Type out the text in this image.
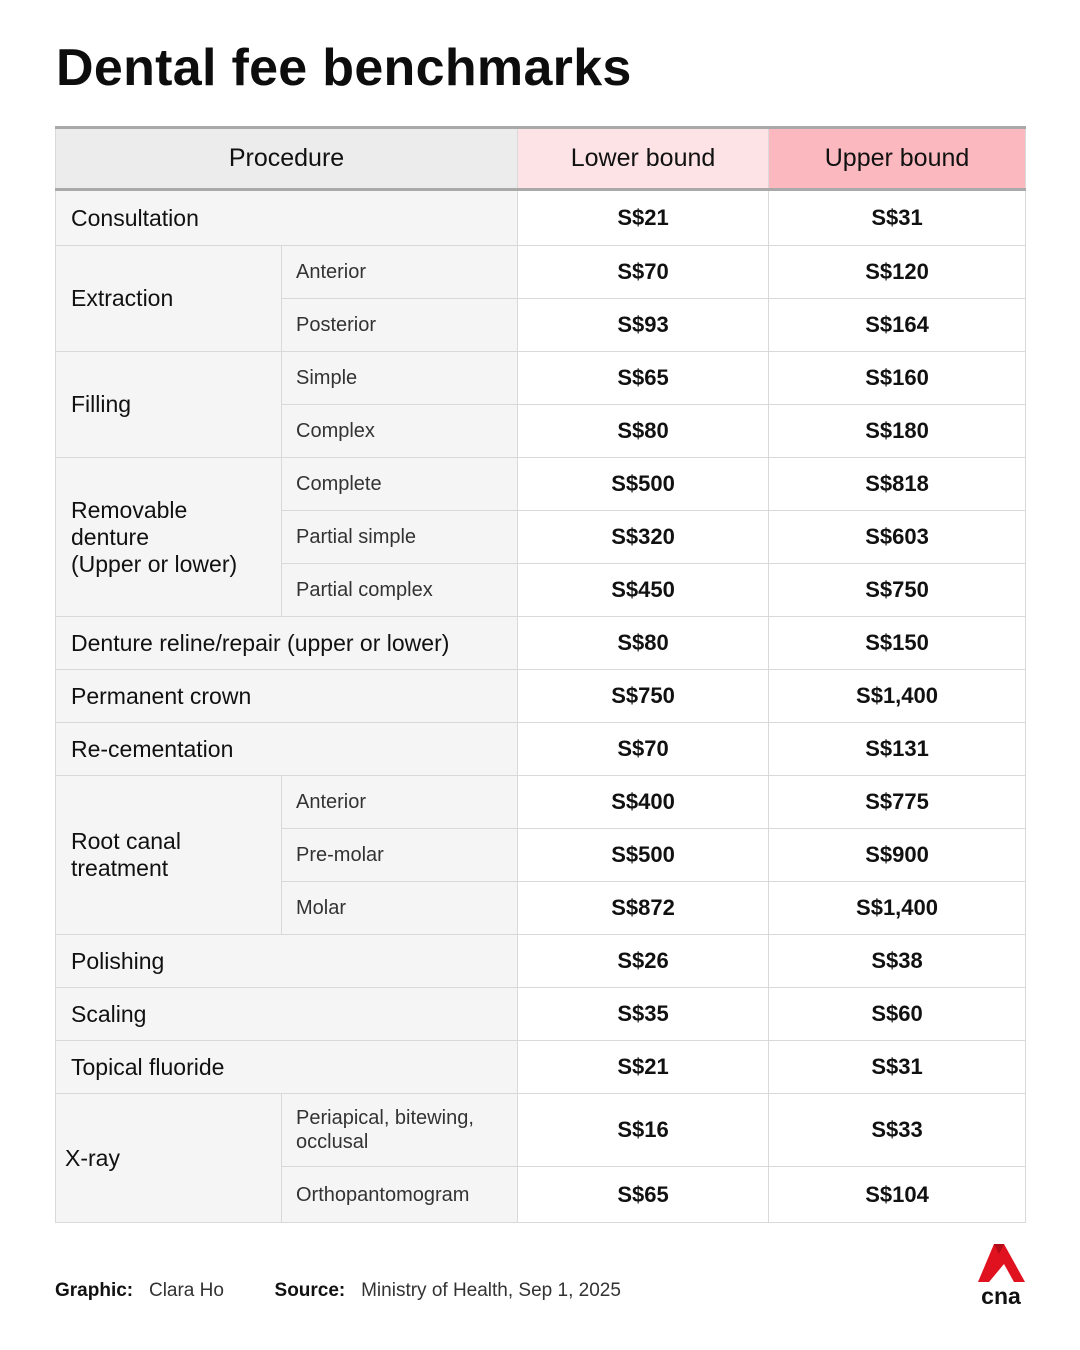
Dental fee benchmarks
Procedure		Lower bound	Upper bound
Consultation		S$21	S$31
Extraction	Anterior	S$70	S$120
	Posterior	S$93	S$164
Filling	Simple	S$65	S$160
	Complex	S$80	S$180
Removable
denture
(Upper or lower)	Complete	S$500	S$818
	Partial simple	S$320	S$603
	Partial complex	S$450	S$750
Denture reline/repair (upper or lower)		S$80	S$150
Permanent crown		S$750	S$1,400
Re-cementation		S$70	S$131
Root canal
treatment	Anterior	S$400	S$775
	Pre-molar	S$500	S$900
	Molar	S$872	S$1,400
Polishing		S$26	S$38
Scaling		S$35	S$60
Topical fluoride		S$21	S$31
X-ray	Periapical, bitewing,
occlusal	S$16	S$33
	Orthopantomogram	S$65	S$104
Graphic: Clara Ho	Source: Ministry of Health, Sep 1, 2025	cna
